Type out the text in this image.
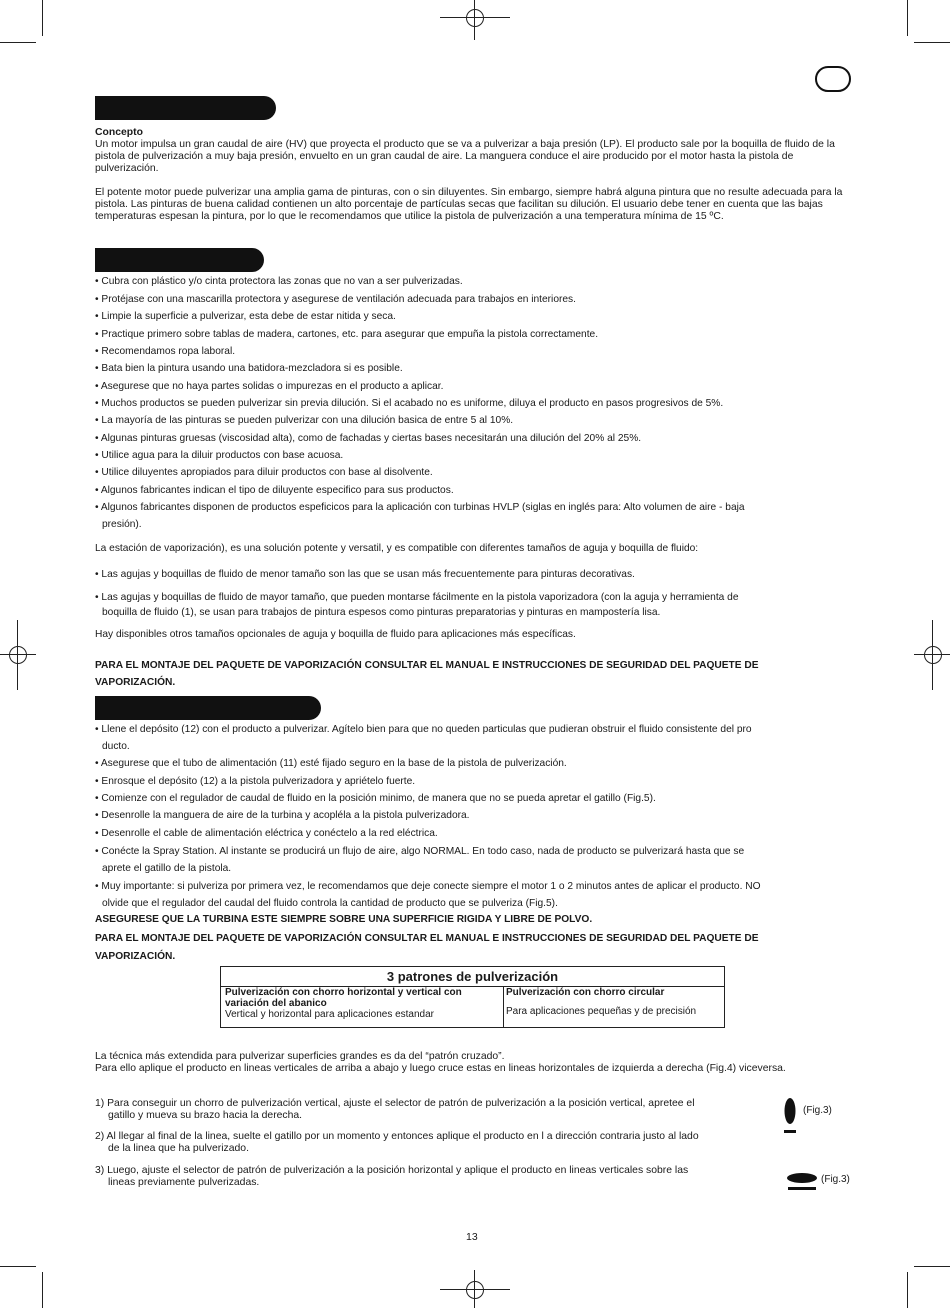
Concepto

Un motor impulsa un gran caudal de aire (HV) que proyecta el producto que se va a pulverizar a baja presión (LP). El producto sale por la boquilla de fluido de la pistola de pulverización a muy baja presión, envuelto en un gran caudal de aire. La manguera conduce el aire producido por el motor hasta la pistola de pulverización.

El potente motor puede pulverizar una amplia gama de pinturas, con o sin diluyentes. Sin embargo, siempre habrá alguna pintura que no resulte adecuada para la pistola. Las pinturas de buena calidad contienen un alto porcentaje de partículas secas que facilitan su dilución. El usuario debe tener en cuenta que las bajas temperaturas espesan la pintura, por lo que le recomendamos que utilice la pistola de pulverización a una temperatura mínima de 15 ºC.

• Cubra con plástico y/o cinta protectora las zonas que no van a ser pulverizadas.

• Protéjase con una mascarilla protectora y asegurese de ventilación adecuada para trabajos en interiores.

• Limpie la superficie a pulverizar, esta debe de estar nitida y seca.

• Practique primero sobre tablas de madera, cartones, etc. para asegurar que empuña la pistola correctamente.

• Recomendamos ropa laboral.

• Bata bien la pintura usando una batidora-mezcladora si es posible.

• Asegurese que no haya partes solidas o impurezas en el producto a aplicar.

• Muchos productos se pueden pulverizar sin previa dilución. Si el acabado no es uniforme, diluya el producto en pasos progresivos de 5%.

• La mayoría de las pinturas se pueden pulverizar con una dilución basica de entre 5 al 10%.

• Algunas pinturas gruesas (viscosidad alta), como de fachadas y ciertas bases necesitarán una dilución del 20% al 25%.

• Utilice agua para la diluir productos con base acuosa.

• Utilice diluyentes apropiados para diluir productos con base al disolvente.

• Algunos fabricantes indican el tipo de diluyente especifico para sus productos.

• Algunos fabricantes disponen de productos espeficicos para la aplicación con turbinas HVLP (siglas en inglés para: Alto volumen de aire - baja
presión).

La estación de vaporización), es una solución potente y versatil, y es compatible con diferentes tamaños de aguja y boquilla de fluido:

• Las agujas y boquillas de fluido de menor tamaño son las que se usan más frecuentemente para pinturas decorativas.

• Las agujas y boquillas de fluido de mayor tamaño, que pueden montarse fácilmente en la pistola vaporizadora (con la aguja y herramienta de
boquilla de fluido (1), se usan para trabajos de pintura espesos como pinturas preparatorias y pinturas en mampostería lisa.

Hay disponibles otros tamaños opcionales de aguja y boquilla de fluido para aplicaciones más específicas.

PARA EL MONTAJE DEL PAQUETE DE VAPORIZACIÓN CONSULTAR EL MANUAL E INSTRUCCIONES DE SEGURIDAD DEL PAQUETE DE
VAPORIZACIÓN.

• Llene el depósito (12) con el producto a pulverizar. Agítelo bien para que no queden particulas que pudieran obstruir el fluido consistente del pro
ducto.

• Asegurese que el tubo de alimentación (11) esté fijado seguro en la base de la pistola de pulverización.

• Enrosque el depósito (12) a la pistola pulverizadora y apriételo fuerte.

• Comienze con el regulador de caudal de fluido en la posición minimo, de manera que no se pueda apretar el gatillo (Fig.5).

• Desenrolle la manguera de aire de la turbina y acopléla a la pistola pulverizadora.

• Desenrolle el cable de alimentación eléctrica y conéctelo a la red eléctrica.

• Conécte la Spray Station. Al instante se producirá un flujo de aire, algo NORMAL. En todo caso, nada de producto se pulverizará hasta que se
aprete el gatillo de la pistola.

• Muy importante: si pulveriza por primera vez, le recomendamos que deje conecte siempre el motor 1 o 2 minutos antes de aplicar el producto. NO
olvide que el regulador del caudal del fluido controla la cantidad de producto que se pulveriza (Fig.5).

ASEGURESE QUE LA TURBINA ESTE SIEMPRE SOBRE UNA SUPERFICIE RIGIDA Y LIBRE DE POLVO.

PARA EL MONTAJE DEL PAQUETE DE VAPORIZACIÓN CONSULTAR EL MANUAL E INSTRUCCIONES DE SEGURIDAD DEL PAQUETE DE
VAPORIZACIÓN.

3 patrones de pulverización
Pulverización con chorro horizontal y vertical con variación del abanico
Vertical y horizontal para aplicaciones estandar
Pulverización con chorro circular
Para aplicaciones pequeñas y de precisión

La técnica más extendida para pulverizar superficies grandes es da del “patrón cruzado”.

Para ello aplique el producto en lineas verticales de arriba a abajo y luego cruce estas en lineas horizontales de izquierda a derecha (Fig.4) viceversa.

1) Para conseguir un chorro de pulverización vertical, ajuste el selector de patrón de pulverización a la posición vertical, apretee el
gatillo y mueva su brazo hacia la derecha.

2) Al llegar al final de la linea, suelte el gatillo por un momento y entonces aplique el producto en l a dirección contraria justo al lado
de la linea que ha pulverizado.

3) Luego, ajuste el selector de patrón de pulverización a la posición horizontal y aplique el producto en lineas verticales sobre las
lineas previamente pulverizadas.

(Fig.3)
(Fig.3)
13
